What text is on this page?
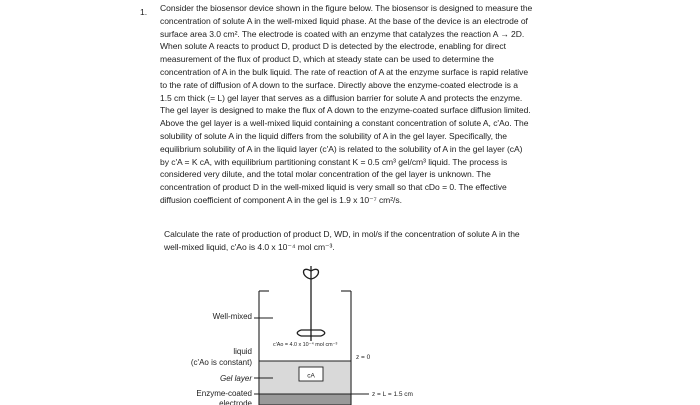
1. Consider the biosensor device shown in the figure below. The biosensor is designed to measure the
concentration of solute A in the well-mixed liquid phase. At the base of the device is an electrode of
surface area 3.0 cm². The electrode is coated with an enzyme that catalyzes the reaction A → 2D.
When solute A reacts to product D, product D is detected by the electrode, enabling for direct
measurement of the flux of product D, which at steady state can be used to determine the
concentration of A in the bulk liquid. The rate of reaction of A at the enzyme surface is rapid relative
to the rate of diffusion of A down to the surface. Directly above the enzyme-coated electrode is a
1.5 cm thick (= L) gel layer that serves as a diffusion barrier for solute A and protects the enzyme.
The gel layer is designed to make the flux of A down to the enzyme-coated surface diffusion limited.
Above the gel layer is a well-mixed liquid containing a constant concentration of solute A, c'Ao. The
solubility of solute A in the liquid differs from the solubility of A in the gel layer. Specifically, the
equilibrium solubility of A in the liquid layer (c'A) is related to the solubility of A in the gel layer (cA)
by c'A = K cA, with equilibrium partitioning constant K = 0.5 cm³ gel/cm³ liquid. The process is
considered very dilute, and the total molar concentration of the gel layer is unknown. The
concentration of product D in the well-mixed liquid is very small so that cDo = 0. The effective
diffusion coefficient of component A in the gel is 1.9 x 10⁻⁷ cm²/s.
Calculate the rate of production of product D, WD, in mol/s if the concentration of solute A in the
well-mixed liquid, c'Ao is 4.0 x 10⁻⁴ mol cm⁻³.
cA
c'Ao = 4.0 x 10⁻⁴ mol cm⁻³
Well-mixed
liquid
(c'Ao is constant)
Gel layer
Enzyme-coated
electrode
z = 0
z = L = 1.5 cm
